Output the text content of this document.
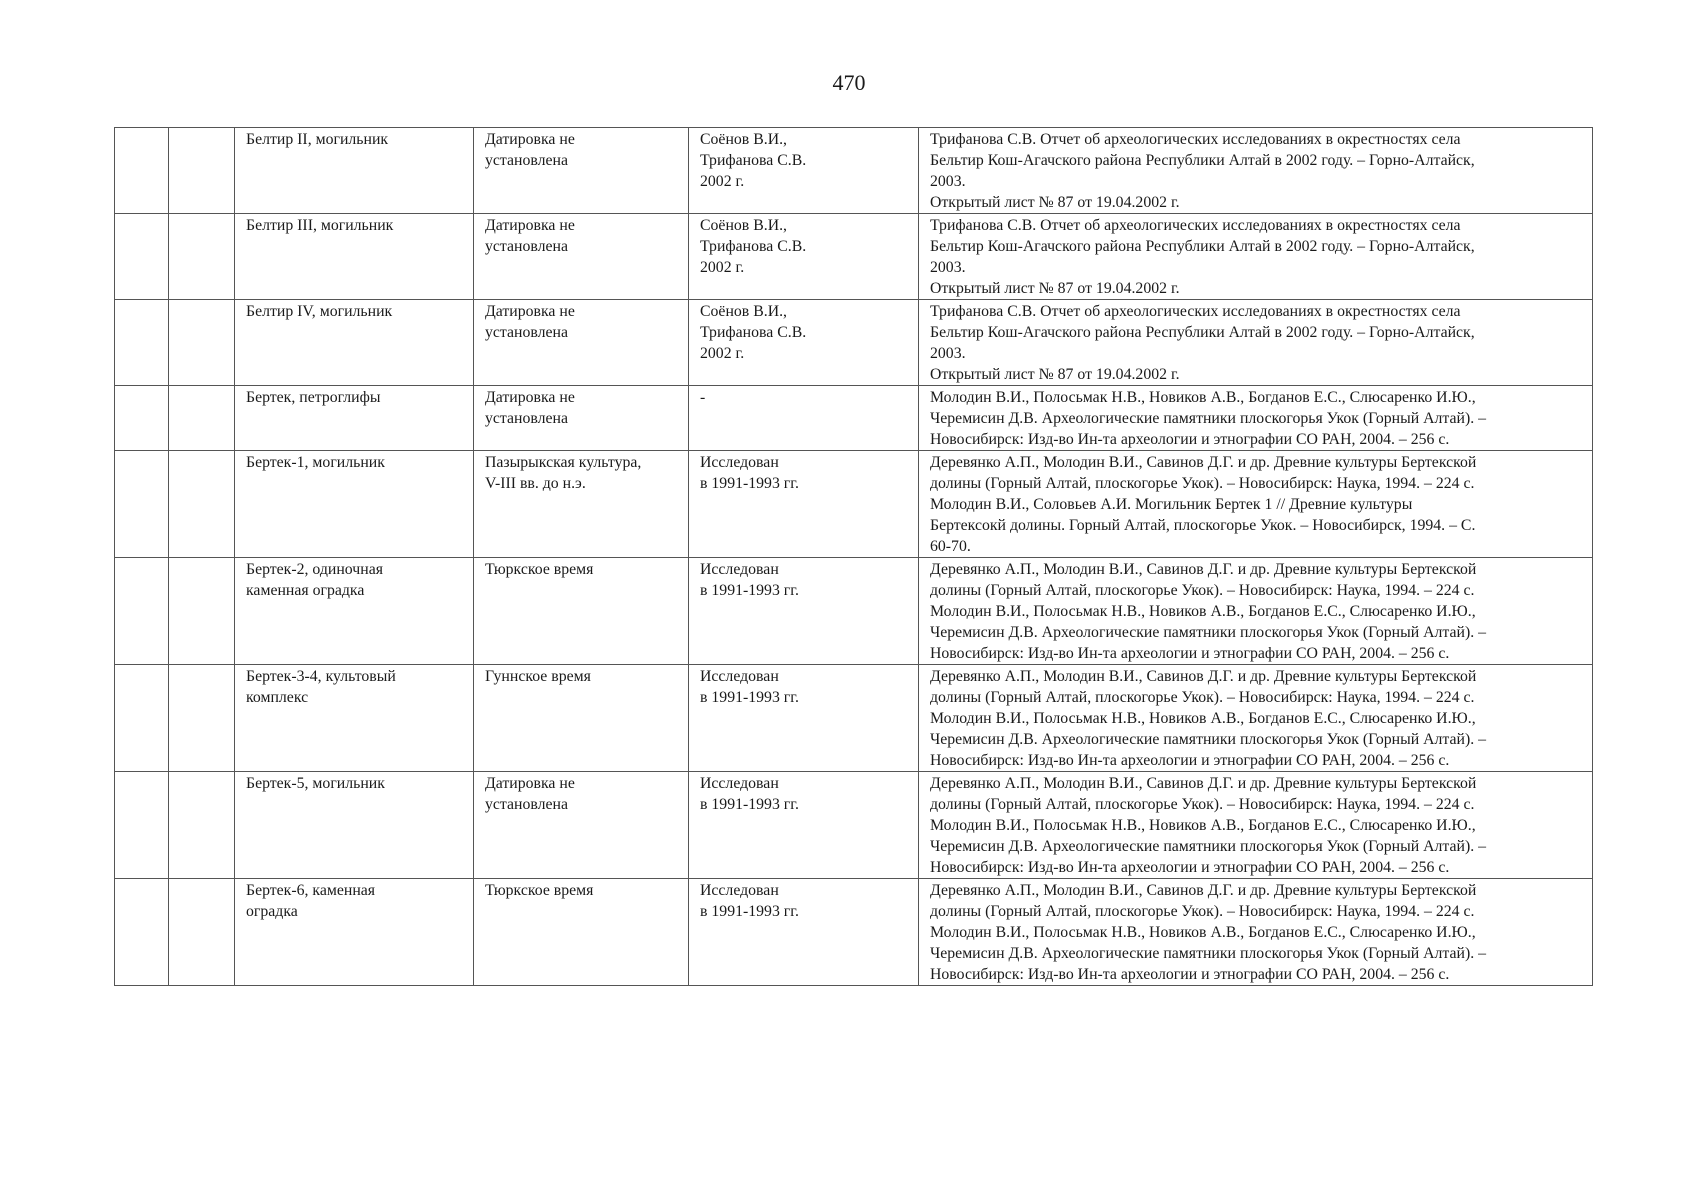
470

		Белтир II, могильник	Датировка не
установлена	Соёнов В.И.,
Трифанова С.В.
2002 г.	Трифанова С.В. Отчет об археологических исследованиях в окрестностях села
Бельтир Кош-Агачского района Республики Алтай в 2002 году. – Горно-Алтайск,
2003.
Открытый лист № 87 от 19.04.2002 г.

		Белтир III, могильник	Датировка не
установлена	Соёнов В.И.,
Трифанова С.В.
2002 г.	Трифанова С.В. Отчет об археологических исследованиях в окрестностях села
Бельтир Кош-Агачского района Республики Алтай в 2002 году. – Горно-Алтайск,
2003.
Открытый лист № 87 от 19.04.2002 г.

		Белтир IV, могильник	Датировка не
установлена	Соёнов В.И.,
Трифанова С.В.
2002 г.	Трифанова С.В. Отчет об археологических исследованиях в окрестностях села
Бельтир Кош-Агачского района Республики Алтай в 2002 году. – Горно-Алтайск,
2003.
Открытый лист № 87 от 19.04.2002 г.

		Бертек, петроглифы	Датировка не
установлена	-	Молодин В.И., Полосьмак Н.В., Новиков А.В., Богданов Е.С., Слюсаренко И.Ю.,
Черемисин Д.В. Археологические памятники плоскогорья Укок (Горный Алтай). –
Новосибирск: Изд-во Ин-та археологии и этнографии СО РАН, 2004. – 256 с.

		Бертек-1, могильник	Пазырыкская культура,
V-III вв. до н.э.	Исследован
в 1991-1993 гг.	Деревянко А.П., Молодин В.И., Савинов Д.Г. и др. Древние культуры Бертекской
долины (Горный Алтай, плоскогорье Укок). – Новосибирск: Наука, 1994. – 224 с.
Молодин В.И., Соловьев А.И. Могильник Бертек 1 // Древние культуры
Бертексокй долины. Горный Алтай, плоскогорье Укок. – Новосибирск, 1994. – С.
60-70.

		Бертек-2, одиночная
каменная оградка	Тюркское время	Исследован
в 1991-1993 гг.	Деревянко А.П., Молодин В.И., Савинов Д.Г. и др. Древние культуры Бертекской
долины (Горный Алтай, плоскогорье Укок). – Новосибирск: Наука, 1994. – 224 с.
Молодин В.И., Полосьмак Н.В., Новиков А.В., Богданов Е.С., Слюсаренко И.Ю.,
Черемисин Д.В. Археологические памятники плоскогорья Укок (Горный Алтай). –
Новосибирск: Изд-во Ин-та археологии и этнографии СО РАН, 2004. – 256 с.

		Бертек-3-4, культовый
комплекс	Гуннское время	Исследован
в 1991-1993 гг.	Деревянко А.П., Молодин В.И., Савинов Д.Г. и др. Древние культуры Бертекской
долины (Горный Алтай, плоскогорье Укок). – Новосибирск: Наука, 1994. – 224 с.
Молодин В.И., Полосьмак Н.В., Новиков А.В., Богданов Е.С., Слюсаренко И.Ю.,
Черемисин Д.В. Археологические памятники плоскогорья Укок (Горный Алтай). –
Новосибирск: Изд-во Ин-та археологии и этнографии СО РАН, 2004. – 256 с.

		Бертек-5, могильник	Датировка не
установлена	Исследован
в 1991-1993 гг.	Деревянко А.П., Молодин В.И., Савинов Д.Г. и др. Древние культуры Бертекской
долины (Горный Алтай, плоскогорье Укок). – Новосибирск: Наука, 1994. – 224 с.
Молодин В.И., Полосьмак Н.В., Новиков А.В., Богданов Е.С., Слюсаренко И.Ю.,
Черемисин Д.В. Археологические памятники плоскогорья Укок (Горный Алтай). –
Новосибирск: Изд-во Ин-та археологии и этнографии СО РАН, 2004. – 256 с.

		Бертек-6, каменная
оградка	Тюркское время	Исследован
в 1991-1993 гг.	Деревянко А.П., Молодин В.И., Савинов Д.Г. и др. Древние культуры Бертекской
долины (Горный Алтай, плоскогорье Укок). – Новосибирск: Наука, 1994. – 224 с.
Молодин В.И., Полосьмак Н.В., Новиков А.В., Богданов Е.С., Слюсаренко И.Ю.,
Черемисин Д.В. Археологические памятники плоскогорья Укок (Горный Алтай). –
Новосибирск: Изд-во Ин-та археологии и этнографии СО РАН, 2004. – 256 с.
